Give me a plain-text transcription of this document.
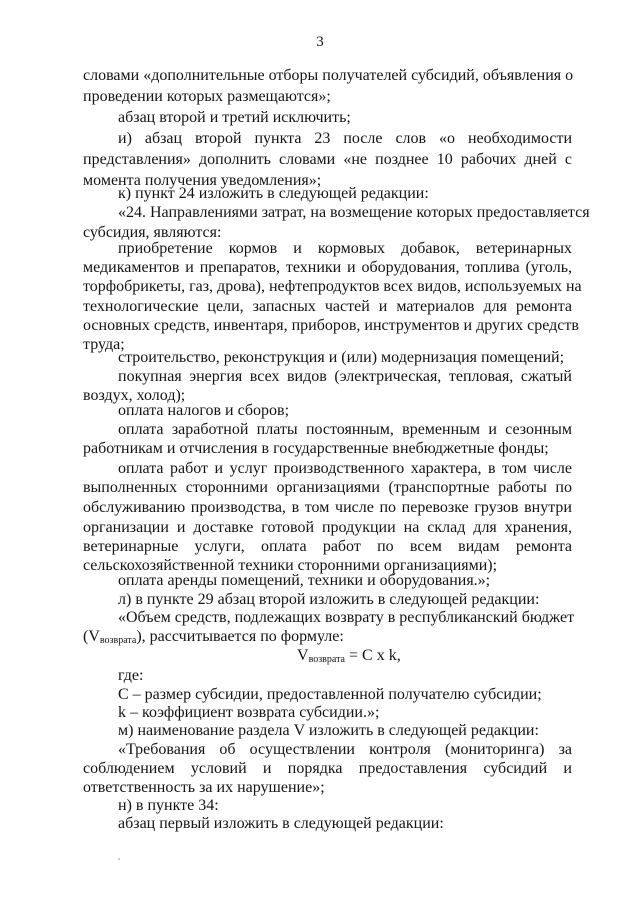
3
словами «дополнительные отборы получателей субсидий, объявления о
проведении которых размещаются»;
абзац второй и третий исключить;
и) абзац второй пункта 23 после слов «о необходимости
представления» дополнить словами «не позднее 10 рабочих дней с
момента получения уведомления»;
к) пункт 24 изложить в следующей редакции:
«24. Направлениями затрат, на возмещение которых предоставляется
субсидия, являются:
приобретение кормов и кормовых добавок, ветеринарных
медикаментов и препаратов, техники и оборудования, топлива (уголь,
торфобрикеты, газ, дрова), нефтепродуктов всех видов, используемых на
технологические цели, запасных частей и материалов для ремонта
основных средств, инвентаря, приборов, инструментов и других средств
труда;
строительство, реконструкция и (или) модернизация помещений;
покупная энергия всех видов (электрическая, тепловая, сжатый
воздух, холод);
оплата налогов и сборов;
оплата заработной платы постоянным, временным и сезонным
работникам и отчисления в государственные внебюджетные фонды;
оплата работ и услуг производственного характера, в том числе
выполненных сторонними организациями (транспортные работы по
обслуживанию производства, в том числе по перевозке грузов внутри
организации и доставке готовой продукции на склад для хранения,
ветеринарные услуги, оплата работ по всем видам ремонта
сельскохозяйственной техники сторонними организациями);
оплата аренды помещений, техники и оборудования.»;
л) в пункте 29 абзац второй изложить в следующей редакции:
«Объем средств, подлежащих возврату в республиканский бюджет
$(V_{возврата})$, рассчитывается по формуле:
$V_{возврата} = C$ x k,
где:
C – размер субсидии, предоставленной получателю субсидии;
k – коэффициент возврата субсидии.»;
м) наименование раздела V изложить в следующей редакции:
«Требования об осуществлении контроля (мониторинга) за
соблюдением условий и порядка предоставления субсидий и
ответственность за их нарушение»;
н) в пункте 34:
абзац первый изложить в следующей редакции:
